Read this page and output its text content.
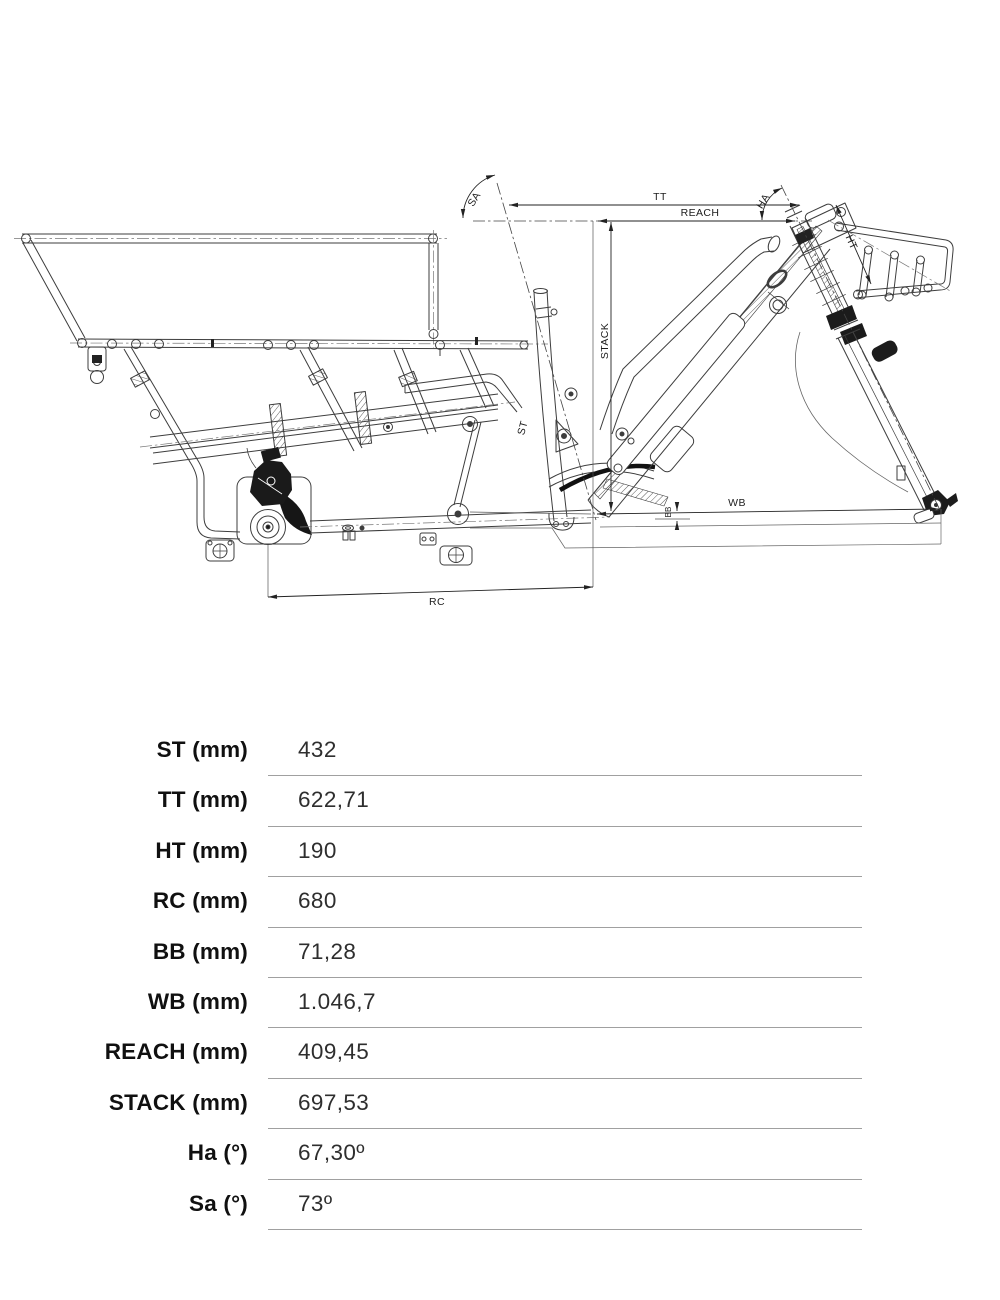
TT
REACH
SA	HA
STACK
ST
HT
WB
BB
RC
ST (mm)	432
TT (mm)	622,71
HT (mm)	190
RC (mm)	680
BB (mm)	71,28
WB (mm)	1.046,7
REACH (mm)	409,45
STACK (mm)	697,53
Ha (°)	67,30º
Sa (°)	73º
